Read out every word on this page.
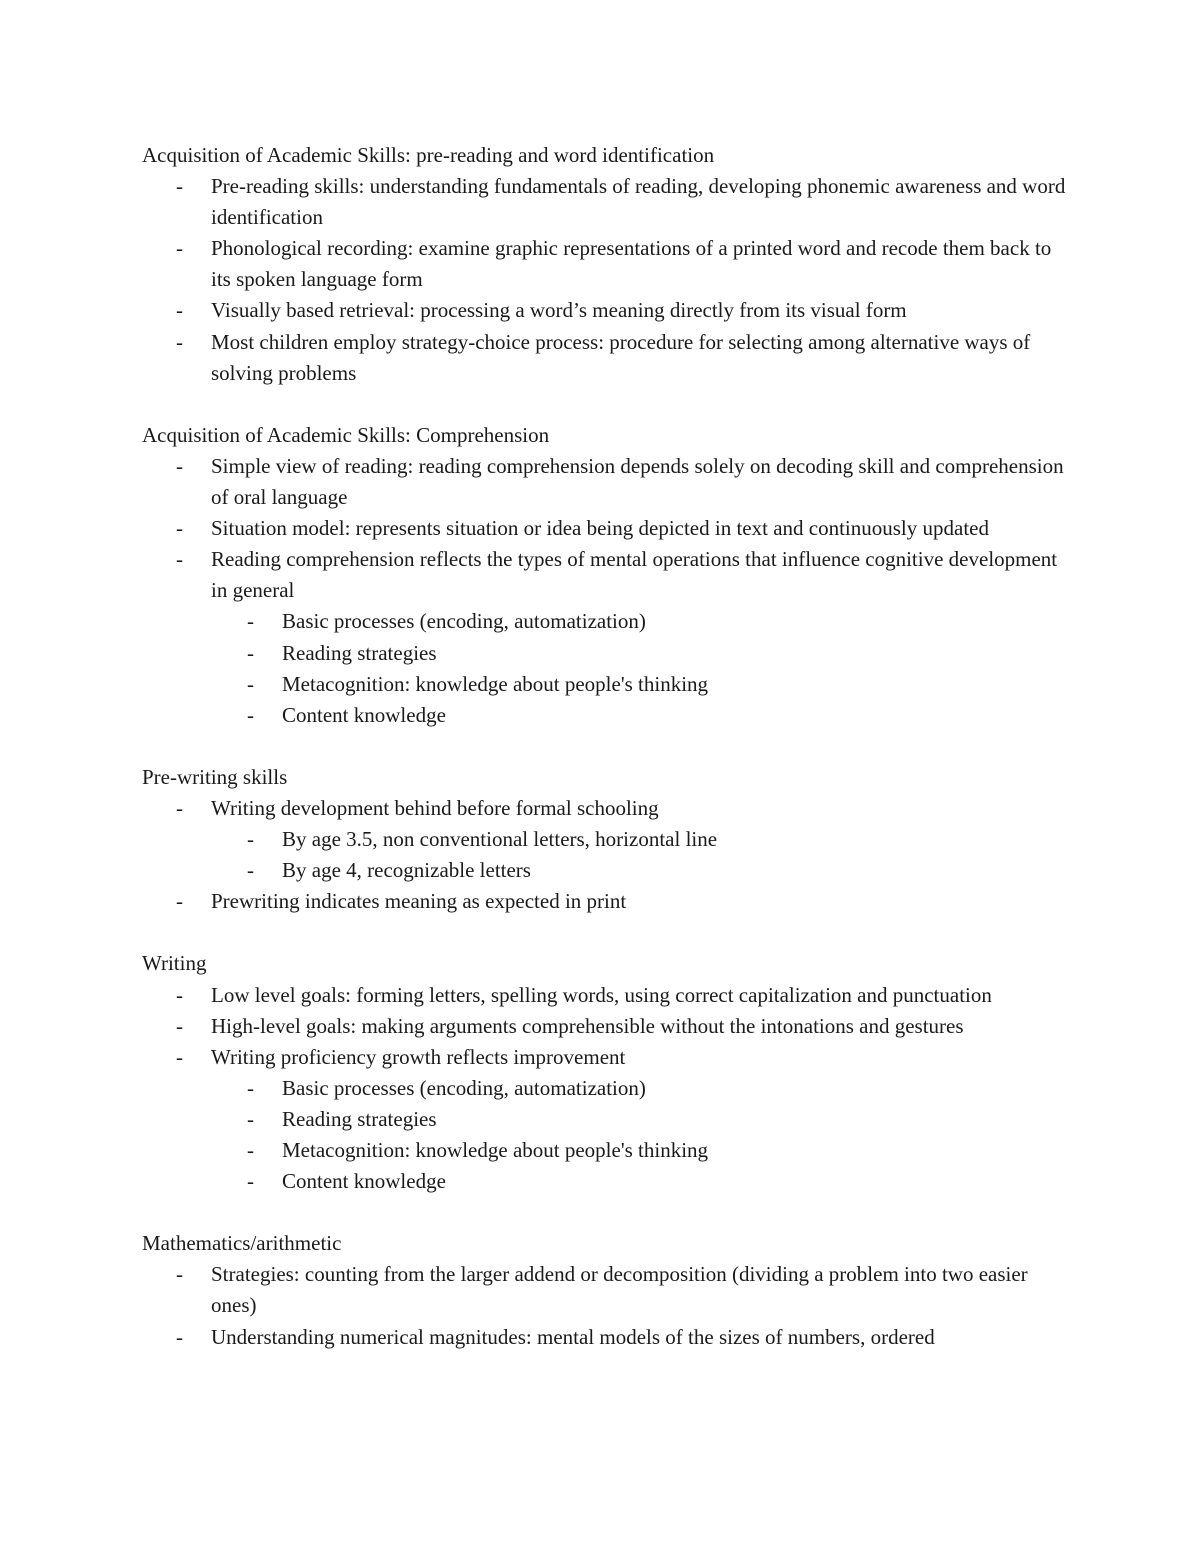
Acquisition of Academic Skills: pre-reading and word identification
- Pre-reading skills: understanding fundamentals of reading, developing phonemic awareness and word identification
- Phonological recording: examine graphic representations of a printed word and recode them back to its spoken language form
- Visually based retrieval: processing a word’s meaning directly from its visual form
- Most children employ strategy-choice process: procedure for selecting among alternative ways of solving problems
Acquisition of Academic Skills: Comprehension
- Simple view of reading: reading comprehension depends solely on decoding skill and comprehension of oral language
- Situation model: represents situation or idea being depicted in text and continuously updated
- Reading comprehension reflects the types of mental operations that influence cognitive development in general
- Basic processes (encoding, automatization)
- Reading strategies
- Metacognition: knowledge about people's thinking
- Content knowledge
Pre-writing skills
- Writing development behind before formal schooling
- By age 3.5, non conventional letters, horizontal line
- By age 4, recognizable letters
- Prewriting indicates meaning as expected in print
Writing
- Low level goals: forming letters, spelling words, using correct capitalization and punctuation
- High-level goals: making arguments comprehensible without the intonations and gestures
- Writing proficiency growth reflects improvement
- Basic processes (encoding, automatization)
- Reading strategies
- Metacognition: knowledge about people's thinking
- Content knowledge
Mathematics/arithmetic
- Strategies: counting from the larger addend or decomposition (dividing a problem into two easier ones)
- Understanding numerical magnitudes: mental models of the sizes of numbers, ordered
